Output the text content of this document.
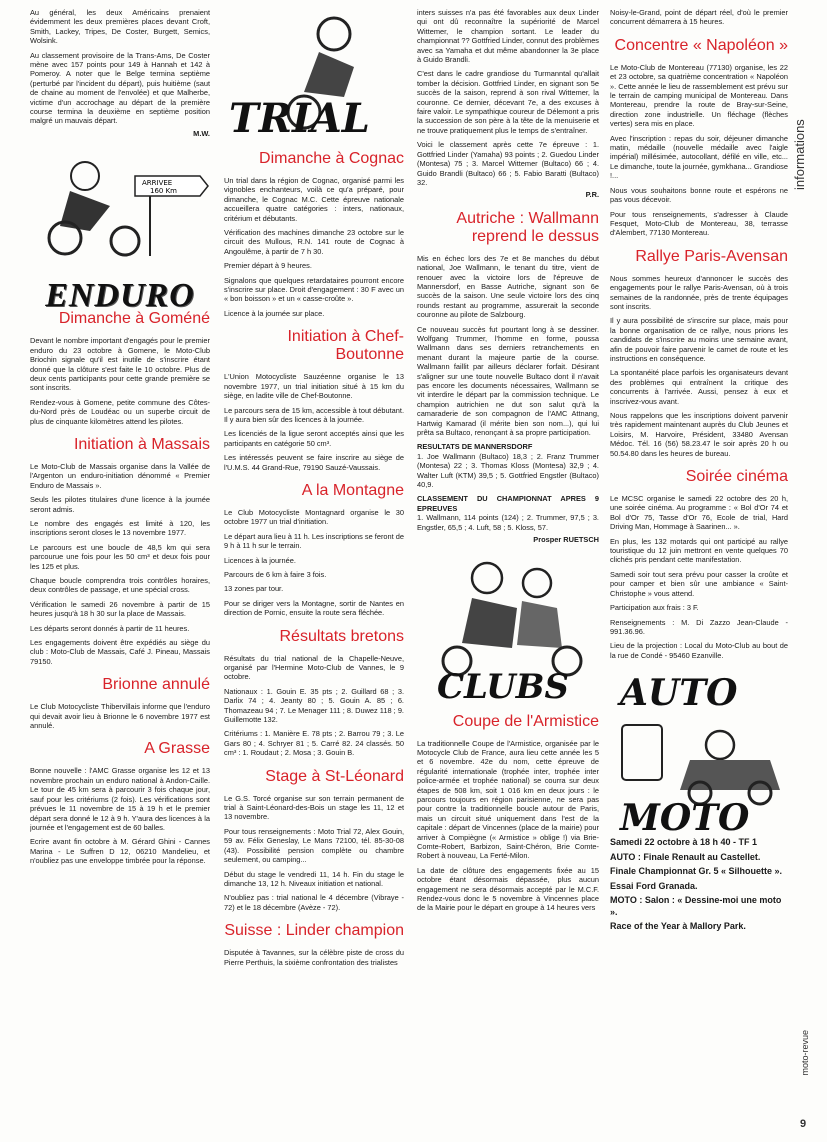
informations
moto-revue
9

Au général, les deux Américains prenaient évidemment les deux premières places devant Croft, Smith, Lackey, Tripes, De Coster, Burgett, Semics, Wolsink.

Au classement provisoire de la Trans-Ams, De Coster mène avec 157 points pour 149 à Hannah et 142 à Pomeroy. A noter que le Belge termina septième (perturbé par l'incident du départ), puis huitième (saut de chaine au moment de l'envolée) et que Malherbe, victime d'un accrochage au départ de la première course termina la deuxième en septième position malgré un mauvais départ.

M.W.
ARRIVEE
160 Km
ENDURO
Dimanche à Goméné

Devant le nombre important d'engagés pour le premier enduro du 23 octobre à Gomene, le Moto-Club Briochin signale qu'il est inutile de s'inscrire étant donné que la clôture s'est faite le 10 octobre. Plus de deux cents participants pour cette grande première se sont inscrits.

Rendez-vous à Gomene, petite commune des Côtes-du-Nord près de Loudéac ou un superbe circuit de plus de cinquante kilomètres attend les pilotes.

Initiation à Massais

Le Moto-Club de Massais organise dans la Vallée de l'Argenton un enduro-initiation dénommé « Premier Enduro de Massais ».

Seuls les pilotes titulaires d'une licence à la journée seront admis.

Le nombre des engagés est limité à 120, les inscriptions seront closes le 13 novembre 1977.

Le parcours est une boucle de 48,5 km qui sera parcourue une fois pour les 50 cm³ et deux fois pour les 125 et plus.

Chaque boucle comprendra trois contrôles horaires, deux contrôles de passage, et une spécial cross.

Vérification le samedi 26 novembre à partir de 15 heures jusqu'à 18 h 30 sur la place de Massais.

Les départs seront donnés à partir de 11 heures.

Les engagements doivent être expédiés au siège du club : Moto-Club de Massais, Café J. Pineau, Massais 79150.

Brionne annulé

Le Club Motocycliste Thibervillais informe que l'enduro qui devait avoir lieu à Brionne le 6 novembre 1977 est annulé.

A Grasse

Bonne nouvelle : l'AMC Grasse organise les 12 et 13 novembre prochain un enduro national à Andon-Caille. Le tour de 45 km sera à parcourir 3 fois chaque jour, sauf pour les critériums (2 fois). Les vérifications sont prévues le 11 novembre de 15 à 19 h et le premier départ sera donné le 12 à 9 h. Y'aura des licences à la journée et l'engagement est de 60 balles.

Ecrire avant fin octobre à M. Gérard Ghini - Cannes Marina - Le Suffren D 12, 06210 Mandelieu, et n'oubliez pas une enveloppe timbrée pour la réponse.

TRIAL
Dimanche à Cognac

Un trial dans la région de Cognac, organisé parmi les vignobles enchanteurs, voilà ce qu'a préparé, pour dimanche, le Cognac M.C. Cette épreuve nationale accueillera quatre catégories : inters, nationaux, critérium et débutants.

Vérification des machines dimanche 23 octobre sur le circuit des Mullous, R.N. 141 route de Cognac à Angoulême, à partir de 7 h 30.

Premier départ à 9 heures.

Signalons que quelques retardataires pourront encore s'inscrire sur place. Droit d'engagement : 30 F avec un « bon boisson » et un « casse-croûte ».

Licence à la journée sur place.

Initiation à Chef-Boutonne

L'Union Motocycliste Sauzéenne organise le 13 novembre 1977, un trial initiation situé à 15 km du siège, en ladite ville de Chef-Boutonne.

Le parcours sera de 15 km, accessible à tout débutant. Il y aura bien sûr des licences à la journée.

Les licenciés de la ligue seront acceptés ainsi que les participants en catégorie 50 cm³.

Les intéressés peuvent se faire inscrire au siège de l'U.M.S. 44 Grand-Rue, 79190 Sauzé-Vaussais.

A la Montagne

Le Club Motocycliste Montagnard organise le 30 octobre 1977 un trial d'initiation.

Le départ aura lieu à 11 h. Les inscriptions se feront de 9 h à 11 h sur le terrain.

Licences à la journée.

Parcours de 6 km à faire 3 fois.

13 zones par tour.

Pour se diriger vers la Montagne, sortir de Nantes en direction de Pornic, ensuite la route sera fléchée.

Résultats bretons

Résultats du trial national de la Chapelle-Neuve, organisé par l'Hermine Moto-Club de Vannes, le 9 octobre.

Nationaux : 1. Gouin E. 35 pts ; 2. Guillard 68 ; 3. Darlix 74 ; 4. Jeanty 80 ; 5. Gouin A. 85 ; 6. Thomazeau 94 ; 7. Le Menager 111 ; 8. Duwez 118 ; 9. Guillemotte 132.

Critériums : 1. Manière E. 78 pts ; 2. Barrou 79 ; 3. Le Gars 80 ; 4. Schryer 81 ; 5. Carré 82. 24 classés. 50 cm³ : 1. Roudaut ; 2. Mosa ; 3. Gouin B.

Stage à St-Léonard

Le G.S. Torcé organise sur son terrain permanent de trial à Saint-Léonard-des-Bois un stage les 11, 12 et 13 novembre.

Pour tous renseignements : Moto Trial 72, Alex Gouin, 59 av. Félix Geneslay, Le Mans 72100, tél. 85-30-08 (43). Possibilité pension complète ou chambre seulement, ou camping...

Début du stage le vendredi 11, 14 h. Fin du stage le dimanche 13, 12 h. Niveaux initiation et national.

N'oubliez pas : trial national le 4 décembre (Vibraye - 72) et le 18 décembre (Avèze - 72).

Suisse : Linder champion

Disputée à Tavannes, sur la célèbre piste de cross du Pierre Perthuis, la sixième confrontation des trialistes

inters suisses n'a pas été favorables aux deux Linder qui ont dû reconnaître la supériorité de Marcel Wittemer, le champion sortant. Le leader du championnat ?? Gottfried Linder, connut des problèmes avec sa Yamaha et dut même abandonner la 3e place à Guido Brandli.

C'est dans le cadre grandiose du Turmanntal qu'allait tomber la décision. Gottfried Linder, en signant son 5e succès de la saison, reprend à son rival Wittemer, la couronne. Ce dernier, décevant 7e, a des excuses à faire valoir. Le sympathique coureur de Délemont a pris la succession de son père à la tête de la menuiserie et ne trouve pratiquement plus le temps de s'entraîner.

Voici le classement après cette 7e épreuve : 1. Gottfried Linder (Yamaha) 93 points ; 2. Guedou Linder (Montesa) 75 ; 3. Marcel Wittemer (Bultaco) 66 ; 4. Guido Brandli (Bultaco) 66 ; 5. Fabio Baratti (Bultaco) 32.

P.R.
Autriche : Wallmann reprend le dessus

Mis en échec lors des 7e et 8e manches du début national, Joe Wallmann, le tenant du titre, vient de renouer avec la victoire lors de l'épreuve de Mannersdorf, en Basse Autriche, signant son 6e succès de la saison. Une seule victoire lors des cinq rounds restant au programme, assurerait la seconde couronne au pilote de Salzbourg.

Ce nouveau succès fut pourtant long à se dessiner. Wolfgang Trummer, l'homme en forme, poussa Wallmann dans ses derniers retranchements en menant durant la majeure partie de la course. Wallmann faillit par ailleurs déclarer forfait. Désirant s'aligner sur une toute nouvelle Bultaco dont il n'avait pas encore les documents nécessaires, Wallmann se vit interdire le départ par la commission technique. Le champion autrichien ne dut son salut qu'à la camaraderie de son compagnon de l'AMC Attnang, Hartwig Kamarad (il mérite bien son nom...), qui lui prêta sa Bultaco, renonçant à sa propre participation.

RESULTATS DE MANNERSDORF

1. Joe Wallmann (Bultaco) 18,3 ; 2. Franz Trummer (Montesa) 22 ; 3. Thomas Kloss (Montesa) 32,9 ; 4. Walter Luft (KTM) 39,5 ; 5. Gottfried Engstler (Bultaco) 40,9.

CLASSEMENT DU CHAMPIONNAT APRES 9 EPREUVES

1. Wallmann, 114 points (124) ; 2. Trummer, 97,5 ; 3. Engstler, 65,5 ; 4. Luft, 58 ; 5. Kloss, 57.

Prosper RUETSCH
CLUBS
Coupe de l'Armistice

La traditionnelle Coupe de l'Armistice, organisée par le Motocycle Club de France, aura lieu cette année les 5 et 6 novembre. 42e du nom, cette épreuve de régularité internationale (trophée inter, trophée inter police-armée et trophée national) se courra sur deux étapes de 508 km, soit 1 016 km en deux jours : le parcours toujours en région parisienne, ne sera pas pour contre la traditionnelle boucle autour de Paris, mais un circuit situé uniquement dans l'est de la capitale : départ de Vincennes (place de la mairie) pour arriver à Compiègne (« Armistice » oblige !) via Brie-Comte-Robert, Barbizon, Saint-Chéron, Brie Comte-Robert à nouveau, La Ferté-Milon.

La date de clôture des engagements fixée au 15 octobre étant désormais dépassée, plus aucun engagement ne sera désormais accepté par le M.C.F. Rendez-vous donc le 5 novembre à Vincennes place de la Mairie pour le départ en groupe à 14 heures vers

Noisy-le-Grand, point de départ réel, d'où le premier concurrent démarrera à 15 heures.

Concentre « Napoléon »

Le Moto-Club de Montereau (77130) organise, les 22 et 23 octobre, sa quatrième concentration « Napoléon ». Cette année le lieu de rassemblement est prévu sur le terrain de camping municipal de Montereau. Dans Montereau, prendre la route de Bray-sur-Seine, direction zone industrielle. Un fléchage (flèches vertes) sera mis en place.

Avec l'inscription : repas du soir, déjeuner dimanche matin, médaille (nouvelle médaille avec l'aigle impérial) millésimée, autocollant, défilé en ville, etc... Le dimanche, toute la journée, gymkhana... Grandiose !...

Nous vous souhaitons bonne route et espérons ne pas vous décevoir.

Pour tous renseignements, s'adresser à Claude Fesquet, Moto-Club de Montereau, 38, terrasse d'Alembert, 77130 Montereau.

Rallye Paris-Avensan

Nous sommes heureux d'annoncer le succès des engagements pour le rallye Paris-Avensan, où à trois semaines de la randonnée, près de trente équipages sont inscrits.

Il y aura possibilité de s'inscrire sur place, mais pour la bonne organisation de ce rallye, nous prions les candidats de s'inscrire au moins une semaine avant, afin de pouvoir faire parvenir le carnet de route et les instructions en conséquence.

La spontanéité place parfois les organisateurs devant des problèmes qui entraînent la critique des concurrents à l'arrivée. Aussi, pensez à eux et inscrivez-vous avant.

Nous rappelons que les inscriptions doivent parvenir très rapidement maintenant auprès du Club Jeunes et Loisirs, M. Harvoire, Président, 33480 Avensan Médoc. Tél. 16 (56) 58.23.47 le soir après 20 h ou 50.54.80 dans les heures de bureau.

Soirée cinéma

Le MCSC organise le samedi 22 octobre des 20 h, une soirée cinéma. Au programme : « Bol d'Or 74 et Bol d'Or 75, Tasse d'Or 76, Ecole de trial, Hard Driving Man, Hommage à Saarinen... ».

En plus, les 132 motards qui ont participé au rallye touristique du 12 juin mettront en vente quelques 70 clichés pris pendant cette manifestation.

Samedi soir tout sera prévu pour casser la croûte et pour camper et bien sûr une ambiance « Saint-Christophe » vous attend.

Participation aux frais : 3 F.

Renseignements : M. Di Zazzo Jean-Claude - 991.36.96.

Lieu de la projection : Local du Moto-Club au bout de la rue de Condé - 95460 Ezanville.

AUTO
MOTO

Samedi 22 octobre à 18 h 40 - TF 1

AUTO : Finale Renault au Castellet.

Finale Championnat Gr. 5 « Silhouette ».

Essai Ford Granada.

MOTO : Salon : « Dessine-moi une moto ».

Race of the Year à Mallory Park.
